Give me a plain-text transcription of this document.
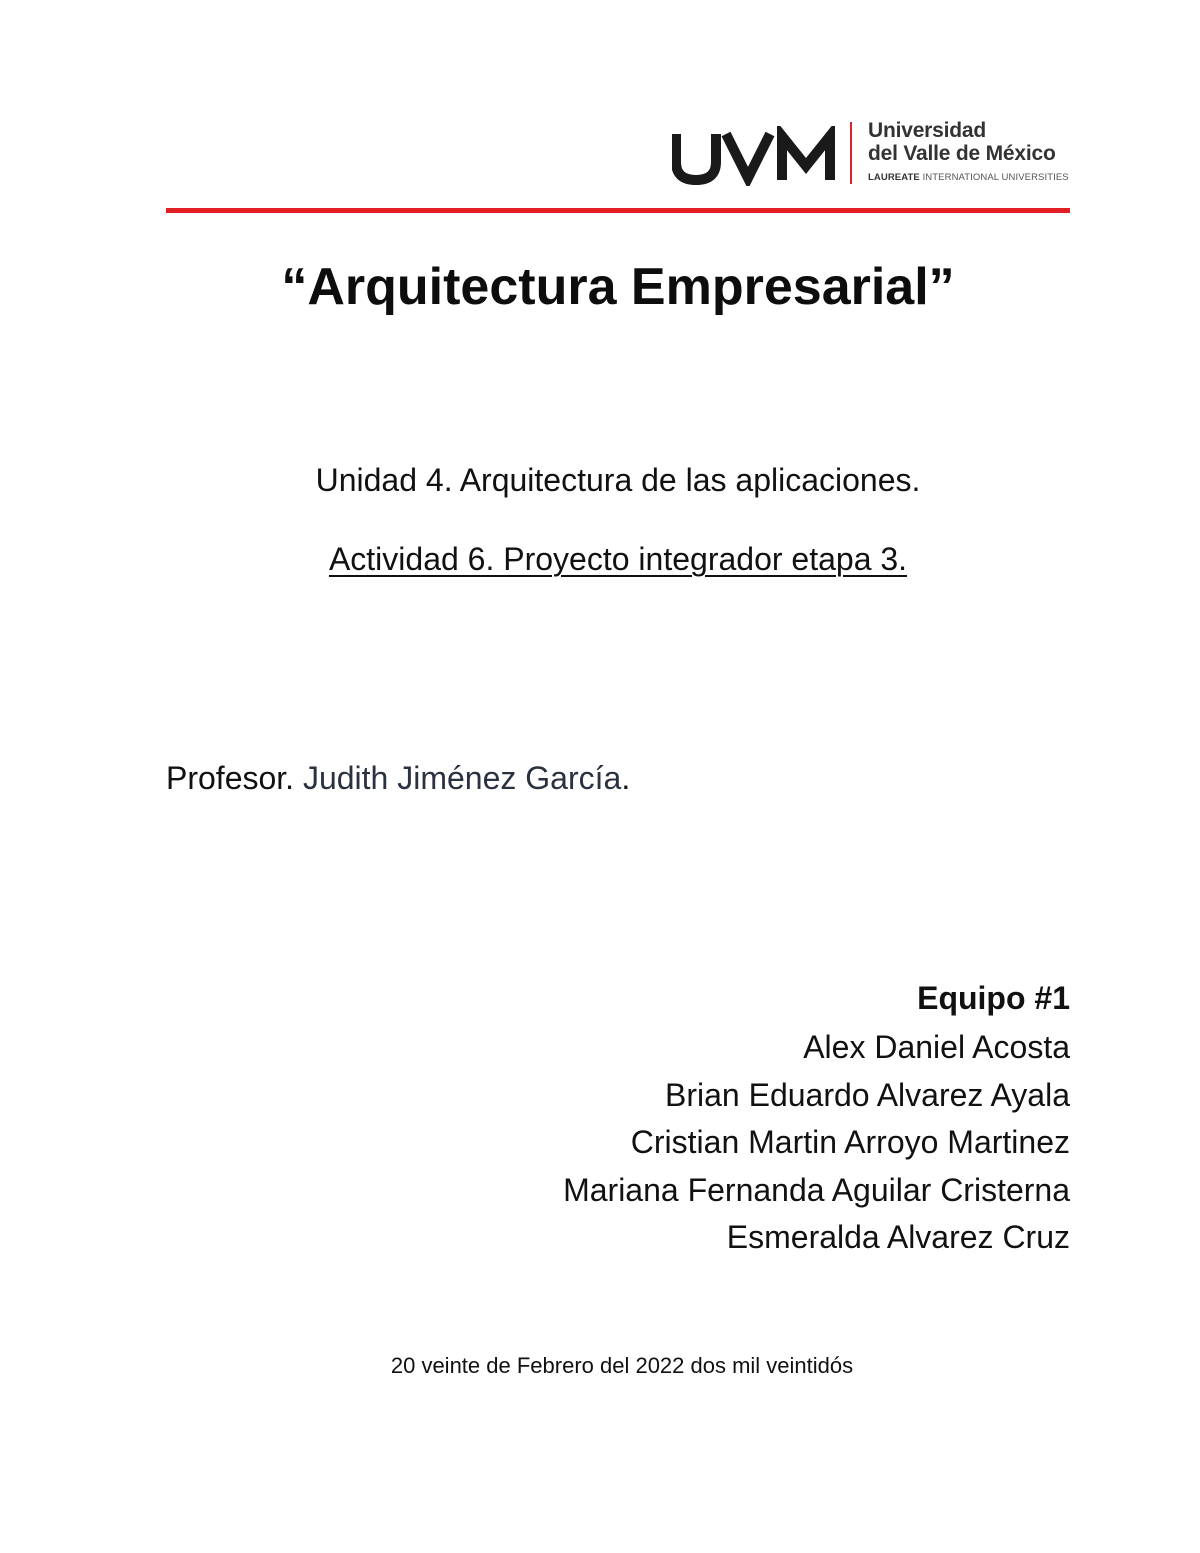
Universidad
del Valle de México
LAUREATE INTERNATIONAL UNIVERSITIES
“Arquitectura Empresarial”
Unidad 4. Arquitectura de las aplicaciones.
Actividad 6. Proyecto integrador etapa 3.
Profesor. Judith Jiménez García.
Equipo #1
Alex Daniel Acosta
Brian Eduardo Alvarez Ayala
Cristian Martin Arroyo Martinez
Mariana Fernanda Aguilar Cristerna
Esmeralda Alvarez Cruz
20 veinte de Febrero del 2022 dos mil veintidós
